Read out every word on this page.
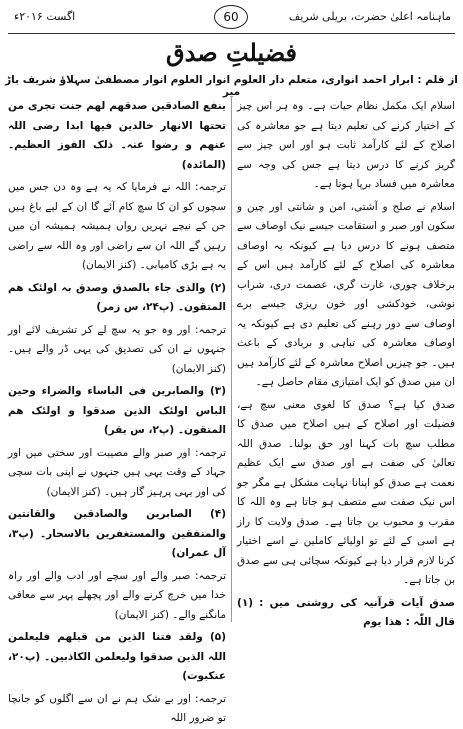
ماہنامہ اعلیٰ حضرت، بریلی شریف
60
اگست ۲۰۱۶ء
فضیلتِ صدق
از قلم : ابرار احمد انواری، متعلم دار العلوم انوار العلوم انوار مصطفیٰ سہلاؤ شریف باڑ میر

اسلام ایک مکمل نظام حیات ہے۔ وہ ہر اس چیز کے اختیار کرنے کی تعلیم دیتا ہے جو معاشرہ کی اصلاح کے لئے کارآمد ثابت ہو اور اس چیز سے گریز کرنے کا درس دیتا ہے جس کی وجہ سے معاشرہ میں فساد برپا ہوتا ہے۔

اسلام نے صلح و آشتی، امن و شانتی اور چین و سکون اور صبر و استقامت جیسے نیک اوصاف سے متصف ہونے کا درس دیا ہے کیونکہ یہ اوصاف معاشرہ کی اصلاح کے لئے کارآمد ہیں اس کے برخلاف چوری، غارت گری، عصمت دری، شراب نوشی، خودکشی اور خون ریزی جیسے برے اوصاف سے دور رہنے کی تعلیم دی ہے کیونکہ یہ اوصاف معاشرہ کی تباہی و بربادی کے باعث ہیں۔ جو چیزیں اصلاح معاشرہ کے لئے کارآمد ہیں ان میں صدق کو ایک امتیازی مقام حاصل ہے۔

صدق کیا ہے؟ صدق کا لغوی معنی سچ ہے، فضیلت اور اصلاح کے ہیں اصلاح میں صدق کا مطلب سچ بات کہنا اور حق بولنا۔ صدق اللہ تعالیٰ کی صفت ہے اور صدق سے ایک عظیم نعمت ہے صدق کو اپنانا نہایت مشکل ہے مگر جو اس نیک صفت سے متصف ہو جاتا ہے وہ اللہ کا مقرب و محبوب بن جاتا ہے۔ صدق ولایت کا راز ہے اسی کے لئے تو اولیائے کاملین نے اسے اختیار کرنا لازم قرار دیا ہے کیونکہ سچائی ہی سے صدق بن جاتا ہے۔

صدق آیات قرآنیہ کی روشنی میں : (۱) قال اللّٰہ : ھذا یوم

ینفع الصادقین صدقھم لھم جنت تجری من تحتھا الانھار خالدین فیھا ابدا رضی اللہ عنھم و رضوا عنہ۔ ذلک الفوز العظیم۔ (المائدہ)

ترجمہ: اللہ نے فرمایا کہ یہ ہے وہ دن جس میں سچوں کو ان کا سچ کام آئے گا ان کے لیے باغ ہیں جن کے نیچے نہریں رواں ہمیشہ ہمیشہ ان میں رہیں گے اللہ ان سے راضی اور وہ اللہ سے راضی یہ ہے بڑی کامیابی۔ (کنز الایمان)

(۲) والذی جاء بالصدق وصدق بہ اولئک ھم المتقون۔ (پ۲۴، س زمر)

ترجمہ: اور وہ جو یہ سچ لے کر تشریف لائے اور جنہوں نے ان کی تصدیق کی یہی ڈر والے ہیں۔ (کنز الایمان)

(۳) والصابرین فی الباساء والضراء وحین الباس اولئک الذین صدقوا و اولئک ھم المتقون۔ (پ۲، س بقر)

ترجمہ: اور صبر والے مصیبت اور سختی میں اور جہاد کے وقت یہی ہیں جنہوں نے اپنی بات سچی کی اور یہی پرہیز گار ہیں۔ (کنز الایمان)

(۴) الصابرین والصادقین والقانتین والمنفقین والمستغفرین بالاسحار۔ (پ۳، آل عمران)

ترجمہ: صبر والے اور سچے اور ادب والے اور راہ خدا میں خرچ کرنے والے اور پچھلے پہر سے معافی مانگنے والے۔ (کنز الایمان)

(۵) ولقد فتنا الذین من قبلھم فلیعلمن اللہ الذین صدقوا ولیعلمن الکاذبین۔ (پ۲۰، عنکبوت)

ترجمہ: اور بے شک ہم نے ان سے اگلوں کو جانچا تو ضرور اللہ
